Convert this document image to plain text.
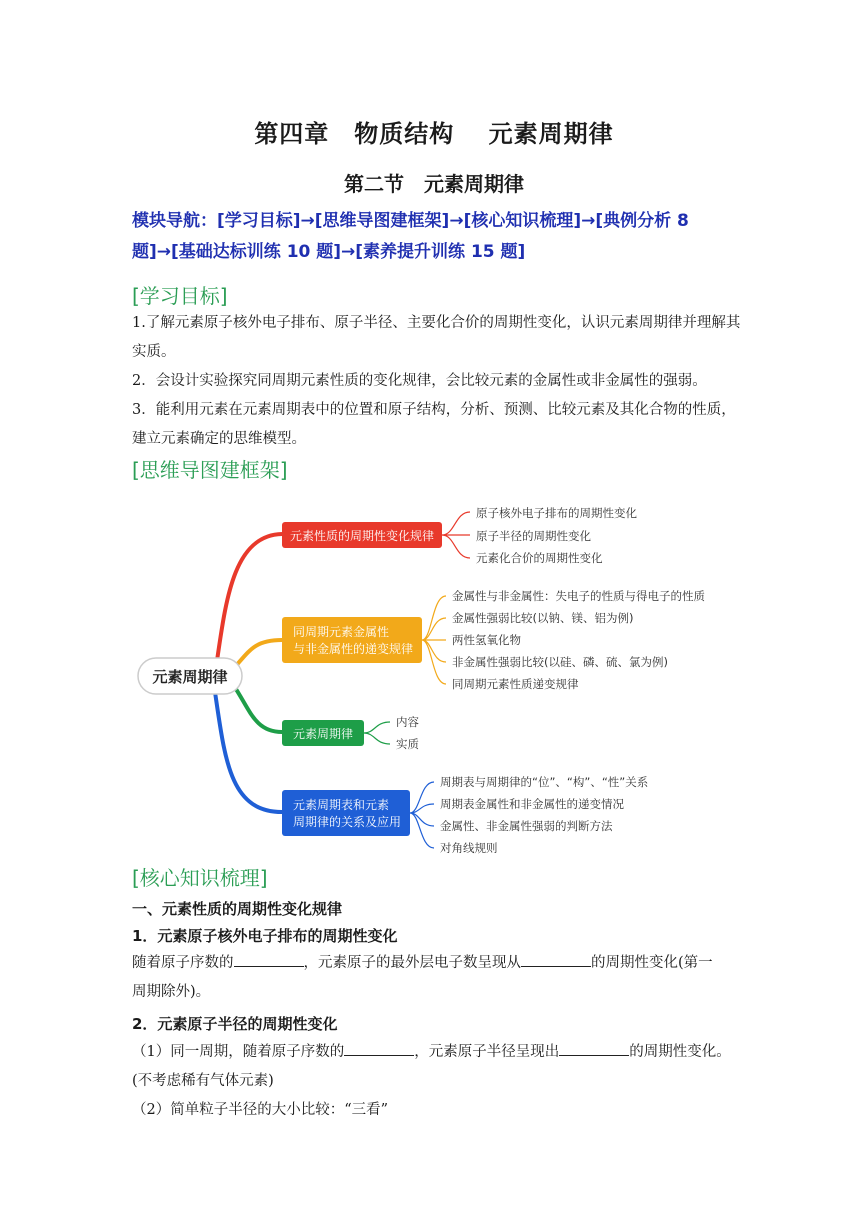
第四章　物质结构　 元素周期律
第二节　元素周期律
模块导航：[学习目标]→[思维导图建框架]→[核心知识梳理]→[典例分析 8
题]→[基础达标训练 10 题]→[素养提升训练 15 题]
[学习目标]

1.了解元素原子核外电子排布、原子半径、主要化合价的周期性变化，认识元素周期律并理解其实质。

2．会设计实验探究同周期元素性质的变化规律，会比较元素的金属性或非金属性的强弱。

3．能利用元素在元素周期表中的位置和原子结构，分析、预测、比较元素及其化合物的性质，建立元素确定的思维模型。

[思维导图建框架]
元素周期律
元素性质的周期性变化规律
原子核外电子排布的周期性变化
原子半径的周期性变化
元素化合价的周期性变化
同周期元素金属性
与非金属性的递变规律
金属性与非金属性：失电子的性质与得电子的性质
金属性强弱比较(以钠、镁、铝为例)
两性氢氧化物
非金属性强弱比较(以硅、磷、硫、氯为例)
同周期元素性质递变规律
元素周期律
内容
实质
元素周期表和元素
周期律的关系及应用
周期表与周期律的“位”、“构”、“性”关系
周期表金属性和非金属性的递变情况
金属性、非金属性强弱的判断方法
对角线规则
[核心知识梳理]
一、元素性质的周期性变化规律
1．元素原子核外电子排布的周期性变化

随着原子序数的	，元素原子的最外层电子数呈现从	的周期性变化(第一

周期除外)。

2．元素原子半径的周期性变化

（1）同一周期，随着原子序数的	，元素原子半径呈现出	的周期性变化。

(不考虑稀有气体元素)

（2）简单粒子半径的大小比较：“三看”
